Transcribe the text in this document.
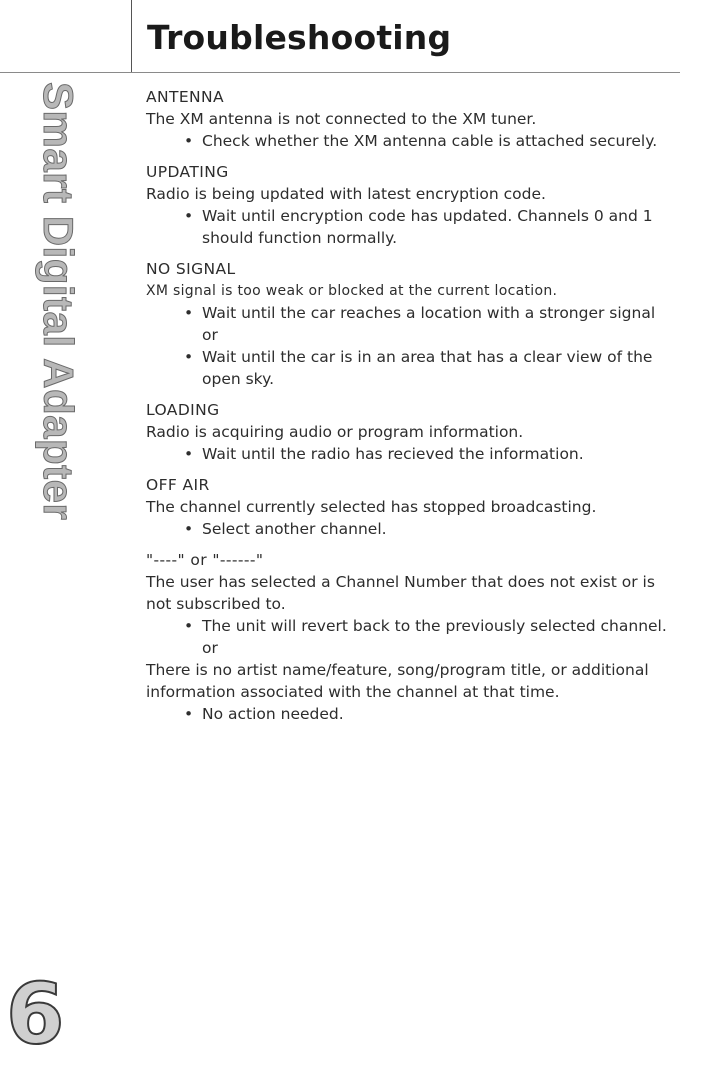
Troubleshooting
Smart Digital Adapter
6
ANTENNA
The XM antenna is not connected to the XM tuner.
• Check whether the XM antenna cable is attached securely.
UPDATING
Radio is being updated with latest encryption code.
• Wait until encryption code has updated. Channels 0 and 1 should function normally.
NO SIGNAL
XM signal is too weak or blocked at the current location.
• Wait until the car reaches a location with a stronger signal
or
• Wait until the car is in an area that has a clear view of the open sky.
LOADING
Radio is acquiring audio or program information.
• Wait until the radio has recieved the information.
OFF AIR
The channel currently selected has stopped broadcasting.
• Select another channel.
"----" or "------"
The user has selected a Channel Number that does not exist or is not subscribed to.
• The unit will revert back to the previously selected channel.
or
There is no artist name/feature, song/program title, or additional information associated with the channel at that time.
• No action needed.
